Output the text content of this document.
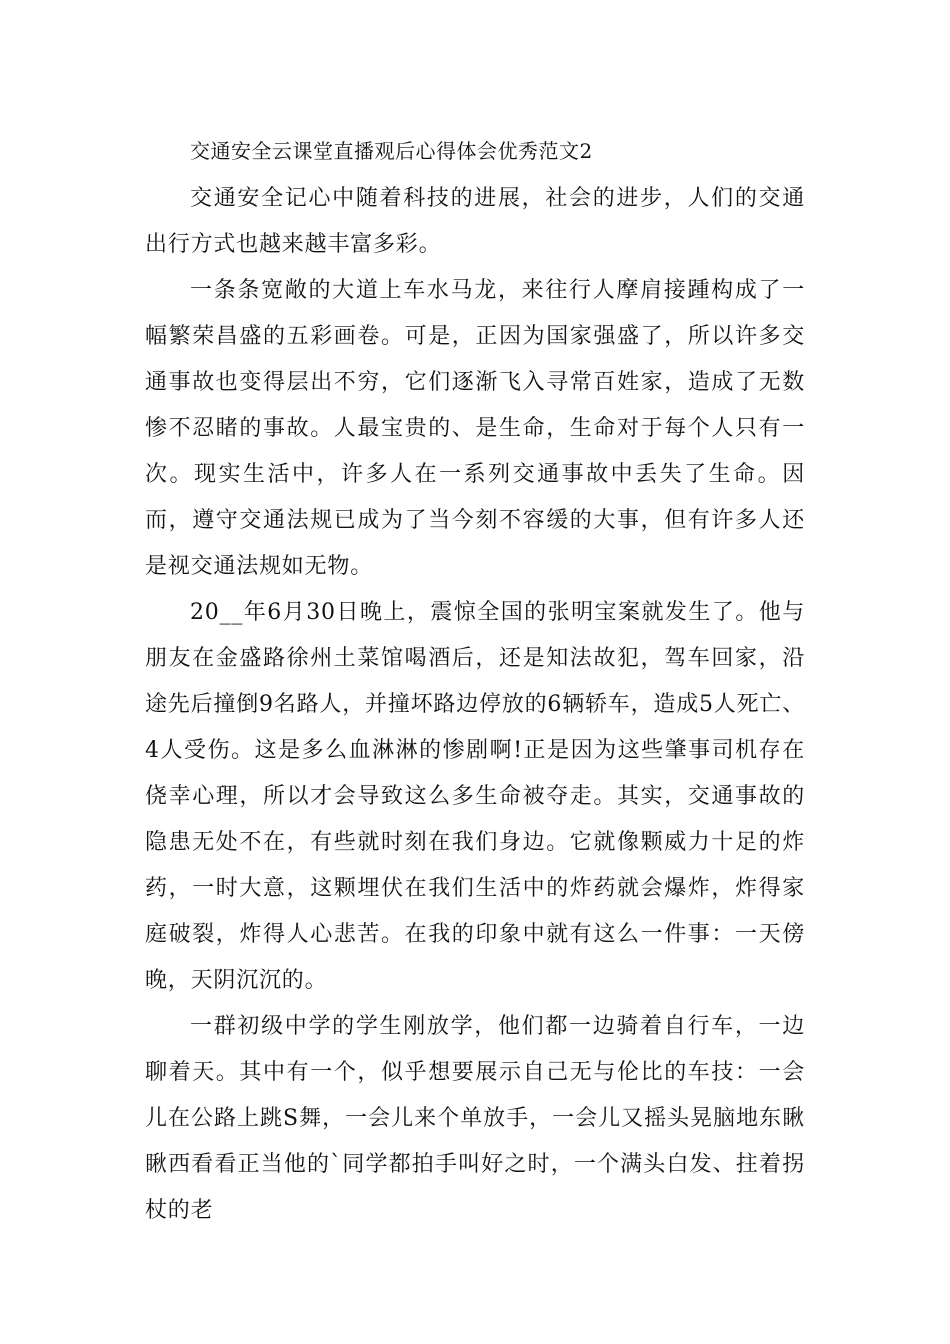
交通安全云课堂直播观后心得体会优秀范文2

交通安全记心中随着科技的进展，社会的进步，人们的交通出行方式也越来越丰富多彩。

一条条宽敞的大道上车水马龙，来往行人摩肩接踵构成了一幅繁荣昌盛的五彩画卷。可是，正因为国家强盛了，所以许多交通事故也变得层出不穷，它们逐渐飞入寻常百姓家，造成了无数惨不忍睹的事故。人最宝贵的、是生命，生命对于每个人只有一次。现实生活中，许多人在一系列交通事故中丢失了生命。因而，遵守交通法规已成为了当今刻不容缓的大事，但有许多人还是视交通法规如无物。

20__年6月30日晚上，震惊全国的张明宝案就发生了。他与朋友在金盛路徐州土菜馆喝酒后，还是知法故犯，驾车回家，沿途先后撞倒9名路人，并撞坏路边停放的6辆轿车，造成5人死亡、4人受伤。这是多么血淋淋的惨剧啊!正是因为这些肇事司机存在侥幸心理，所以才会导致这么多生命被夺走。其实，交通事故的隐患无处不在，有些就时刻在我们身边。它就像颗威力十足的炸药，一时大意，这颗埋伏在我们生活中的炸药就会爆炸，炸得家庭破裂，炸得人心悲苦。在我的印象中就有这么一件事：一天傍晚，天阴沉沉的。

一群初级中学的学生刚放学，他们都一边骑着自行车，一边聊着天。其中有一个，似乎想要展示自己无与伦比的车技：一会儿在公路上跳S舞，一会儿来个单放手，一会儿又摇头晃脑地东瞅瞅西看看正当他的`同学都拍手叫好之时，一个满头白发、拄着拐杖的老
